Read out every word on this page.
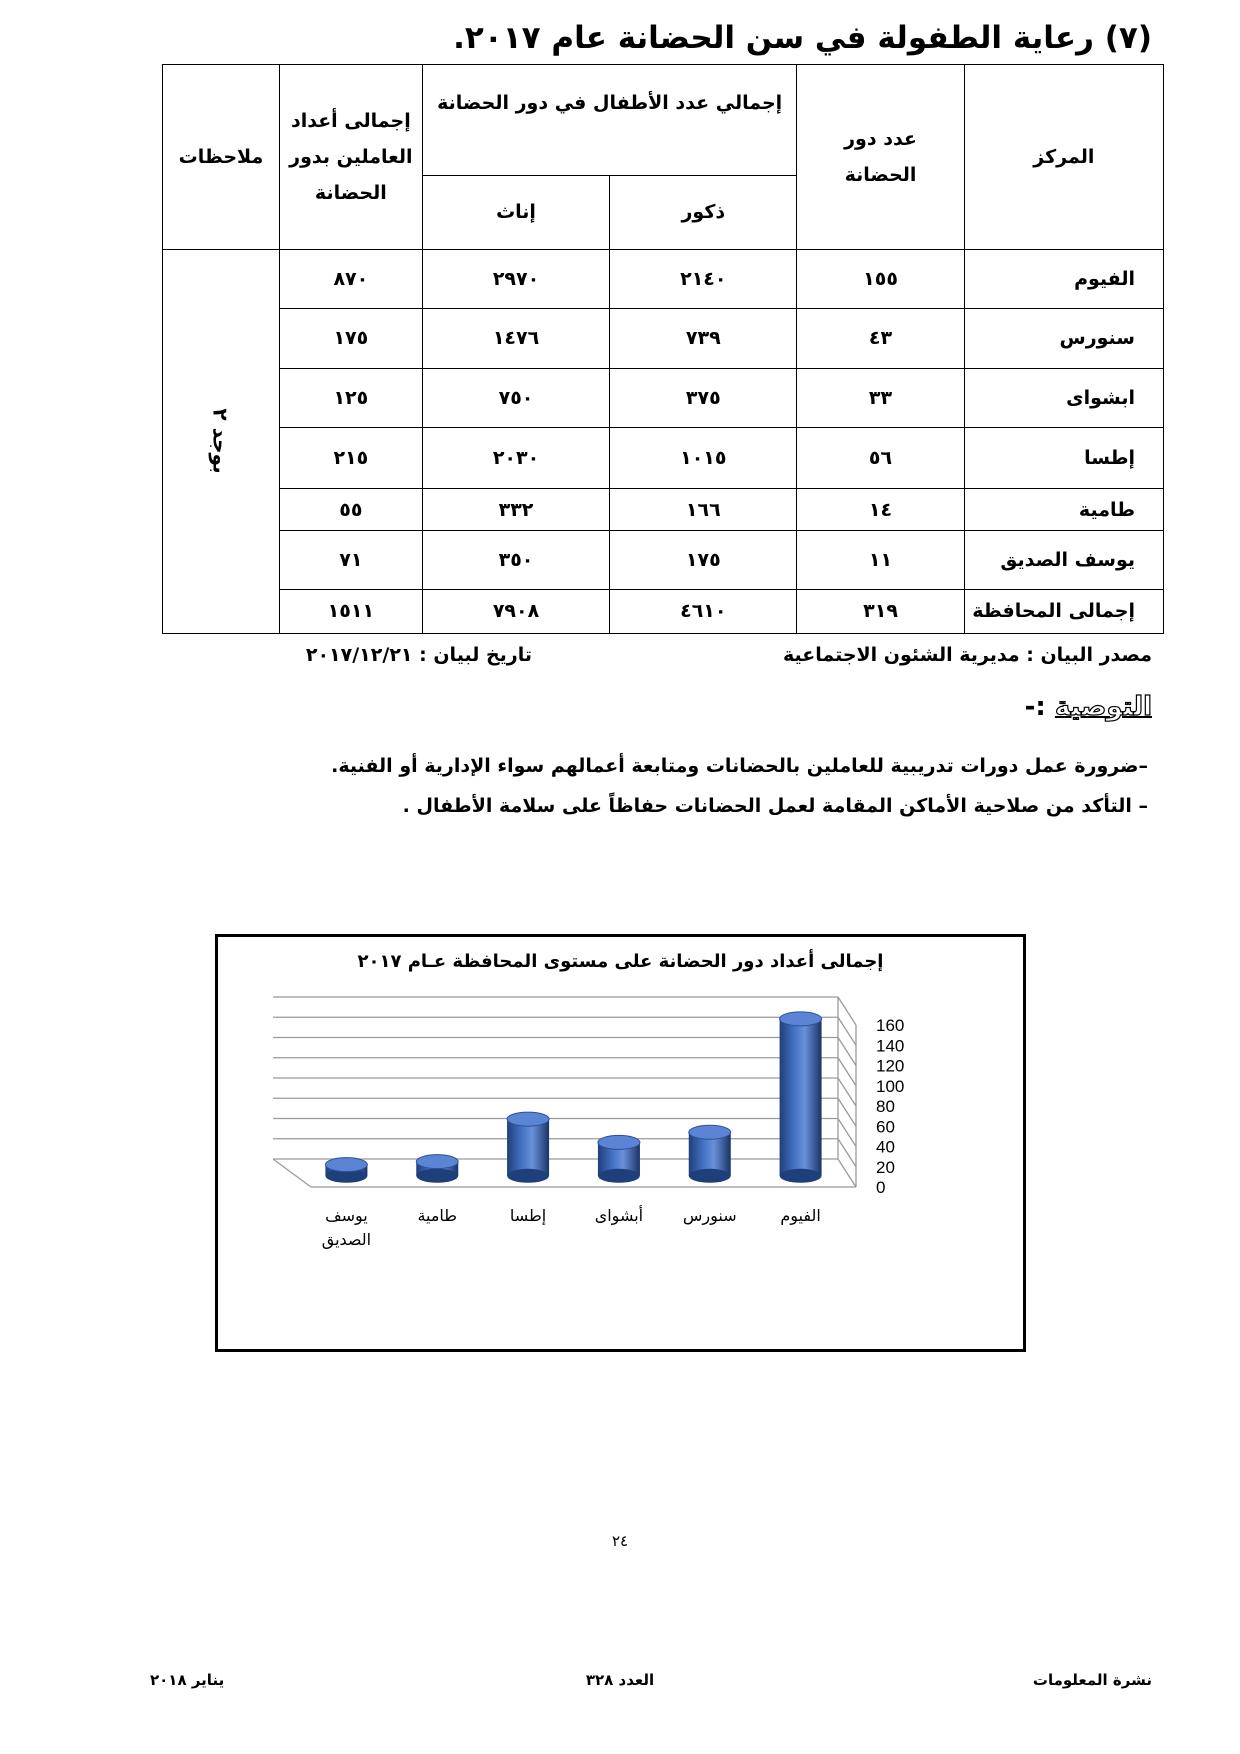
(٧) رعاية الطفولة في سن الحضانة عام ٢٠١٧.
المركز	عدد دور الحضانة	إجمالي عدد الأطفال في دور الحضانة		إجمالى أعداد العاملين بدور الحضانة	ملاحظات
		ذكور	إناث		
الفيوم	١٥٥	٢١٤٠	٢٩٧٠	٨٧٠	بوجد ٢
سنورس	٤٣	٧٣٩	١٤٧٦	١٧٥	
ابشواى	٣٣	٣٧٥	٧٥٠	١٢٥	
إطسا	٥٦	١٠١٥	٢٠٣٠	٢١٥	
طامية	١٤	١٦٦	٣٣٢	٥٥	
يوسف الصديق	١١	١٧٥	٣٥٠	٧١	
إجمالى المحافظة	٣١٩	٤٦١٠	٧٩٠٨	١٥١١	
مصدر البيان : مديرية الشئون الاجتماعية
تاريخ لبيان : ٢٠١٧/١٢/٢١
التوصية :-
–ضرورة عمل دورات تدريبية للعاملين بالحضانات ومتابعة أعمالهم سواء الإدارية أو الفنية.
– التأكد من صلاحية الأماكن المقامة لعمل الحضانات حفاظاً على سلامة الأطفال .
إجمالى أعداد دور الحضانة على مستوى المحافظة عـام ٢٠١٧
0
20
40
60
80
100
120
140
160
الفيوم
سنورس
أبشواى
إطسا
طامية
يوسف
الصديق
٢٤
نشرة المعلومات
العدد ٣٢٨
يناير ٢٠١٨
